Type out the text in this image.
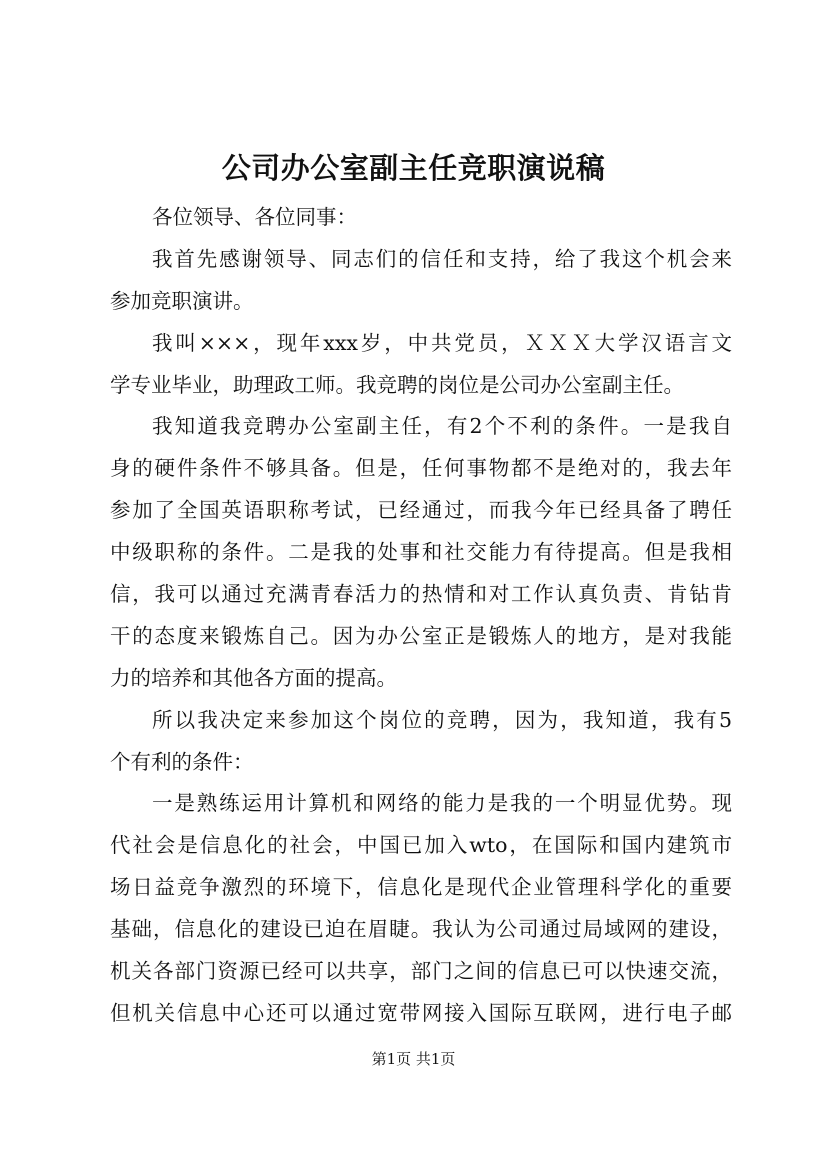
公司办公室副主任竞职演说稿
各位领导、各位同事：
我首先感谢领导、同志们的信任和支持，给了我这个机会来
参加竞职演讲。
我叫×××，现年xxx岁，中共党员，ＸＸＸ大学汉语言文
学专业毕业，助理政工师。我竞聘的岗位是公司办公室副主任。
我知道我竞聘办公室副主任，有2个不利的条件。一是我自
身的硬件条件不够具备。但是，任何事物都不是绝对的，我去年
参加了全国英语职称考试，已经通过，而我今年已经具备了聘任
中级职称的条件。二是我的处事和社交能力有待提高。但是我相
信，我可以通过充满青春活力的热情和对工作认真负责、肯钻肯
干的态度来锻炼自己。因为办公室正是锻炼人的地方，是对我能
力的培养和其他各方面的提高。
所以我决定来参加这个岗位的竞聘，因为，我知道，我有5
个有利的条件：
一是熟练运用计算机和网络的能力是我的一个明显优势。现
代社会是信息化的社会，中国已加入wto，在国际和国内建筑市
场日益竞争激烈的环境下，信息化是现代企业管理科学化的重要
基础，信息化的建设已迫在眉睫。我认为公司通过局域网的建设，
机关各部门资源已经可以共享，部门之间的信息已可以快速交流，
但机关信息中心还可以通过宽带网接入国际互联网，进行电子邮
第1页 共1页
